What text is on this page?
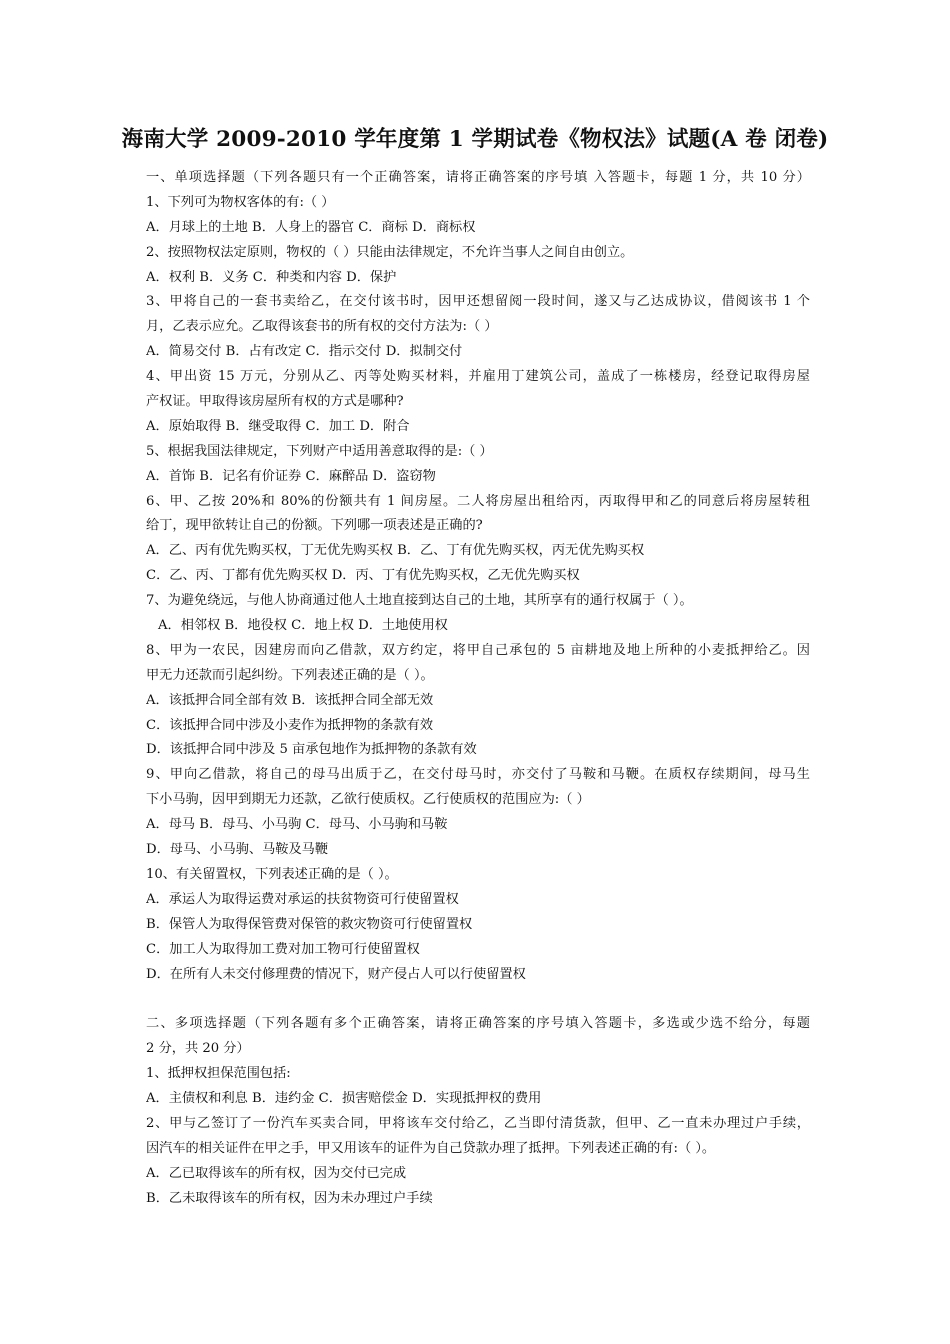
海南大学 2009-2010 学年度第 1 学期试卷《物权法》试题(A 卷 闭卷)
一、单项选择题（下列各题只有一个正确答案，请将正确答案的序号填 入答题卡，每题 1 分，共 10 分）
1、下列可为物权客体的有:（ ）
A．月球上的土地 B．人身上的器官 C．商标 D．商标权
2、按照物权法定原则，物权的（ ）只能由法律规定，不允许当事人之间自由创立。
A．权利 B．义务 C．种类和内容 D．保护
3、甲将自己的一套书卖给乙，在交付该书时，因甲还想留阅一段时间，遂又与乙达成协议，借阅该书 1 个
月，乙表示应允。乙取得该套书的所有权的交付方法为:（ ）
A．简易交付 B．占有改定 C．指示交付 D．拟制交付
4、甲出资 15 万元，分别从乙、丙等处购买材料，并雇用丁建筑公司，盖成了一栋楼房，经登记取得房屋
产权证。甲取得该房屋所有权的方式是哪种?
A．原始取得 B．继受取得 C．加工 D．附合
5、根据我国法律规定，下列财产中适用善意取得的是:（ ）
A．首饰 B．记名有价证券 C．麻醉品 D．盗窃物
6、甲、乙按 20%和 80%的份额共有 1 间房屋。二人将房屋出租给丙，丙取得甲和乙的同意后将房屋转租
给丁，现甲欲转让自己的份额。下列哪一项表述是正确的?
A．乙、丙有优先购买权，丁无优先购买权 B．乙、丁有优先购买权，丙无优先购买权
C．乙、丙、丁都有优先购买权 D．丙、丁有优先购买权，乙无优先购买权
7、为避免绕远，与他人协商通过他人土地直接到达自己的土地，其所享有的通行权属于（ ）。
A．相邻权 B．地役权 C．地上权 D．土地使用权
8、甲为一农民，因建房而向乙借款，双方约定，将甲自己承包的 5 亩耕地及地上所种的小麦抵押给乙。因
甲无力还款而引起纠纷。下列表述正确的是（ ）。
A．该抵押合同全部有效 B．该抵押合同全部无效
C．该抵押合同中涉及小麦作为抵押物的条款有效
D．该抵押合同中涉及 5 亩承包地作为抵押物的条款有效
9、甲向乙借款，将自己的母马出质于乙，在交付母马时，亦交付了马鞍和马鞭。在质权存续期间，母马生
下小马驹，因甲到期无力还款，乙欲行使质权。乙行使质权的范围应为:（ ）
A．母马 B．母马、小马驹 C．母马、小马驹和马鞍
D．母马、小马驹、马鞍及马鞭
10、有关留置权，下列表述正确的是（ ）。
A．承运人为取得运费对承运的扶贫物资可行使留置权
B．保管人为取得保管费对保管的救灾物资可行使留置权
C．加工人为取得加工费对加工物可行使留置权
D．在所有人未交付修理费的情况下，财产侵占人可以行使留置权
二、多项选择题（下列各题有多个正确答案，请将正确答案的序号填入答题卡，多选或少选不给分，每题
2 分，共 20 分）
1、抵押权担保范围包括:
A．主债权和利息 B．违约金 C．损害赔偿金 D．实现抵押权的费用
2、甲与乙签订了一份汽车买卖合同，甲将该车交付给乙，乙当即付清货款，但甲、乙一直未办理过户手续，
因汽车的相关证件在甲之手，甲又用该车的证件为自己贷款办理了抵押。下列表述正确的有:（ ）。
A．乙已取得该车的所有权，因为交付已完成
B．乙未取得该车的所有权，因为未办理过户手续
